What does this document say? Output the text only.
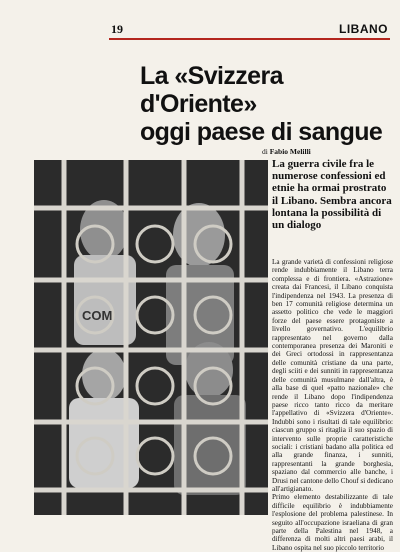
19	LIBANO
La «Svizzera d'Oriente»
oggi paese di sangue
di Fabio Melilli

La guerra civile fra le numerose confessioni ed etnie ha ormai prostrato il Libano. Sembra ancora lontana la possibilità di un dialogo

COM

La grande varietà di confessioni religiose rende indubbiamente il Libano terra complessa e di frontiera. «Astrazione» creata dai Francesi, il Libano conquista l'indipendenza nel 1943. La presenza di ben 17 comunità religiose determina un assetto politico che vede le maggiori forze del paese essere protagoniste a livello governativo. L'equilibrio rappresentato nel governo dalla contemporanea presenza dei Maroniti e dei Greci ortodossi in rappresentanza delle comunità cristiane da una parte, degli sciiti e dei sunniti in rappresentanza delle comunità musulmane dall'altra, è alla base di quel «patto nazionale» che rende il Libano dopo l'indipendenza paese ricco tanto ricco da meritare l'appellativo di «Svizzera d'Oriente». Indubbi sono i risultati di tale equilibrio: ciascun gruppo si ritaglia il suo spazio di intervento sulle proprie caratteristiche sociali: i cristiani badano alla politica ed alla grande finanza, i sunniti, rappresentanti la grande borghesia, spaziano dal commercio alle banche, i Drusi nel cantone dello Chouf si dedicano all'artigianato.

Primo elemento destabilizzante di tale difficile equilibrio è indubbiamente l'esplosione del problema palestinese. In seguito all'occupazione israeliana di gran parte della Palestina nel 1948, a differenza di molti altri paesi arabi, il Libano ospita nel suo piccolo territorio
